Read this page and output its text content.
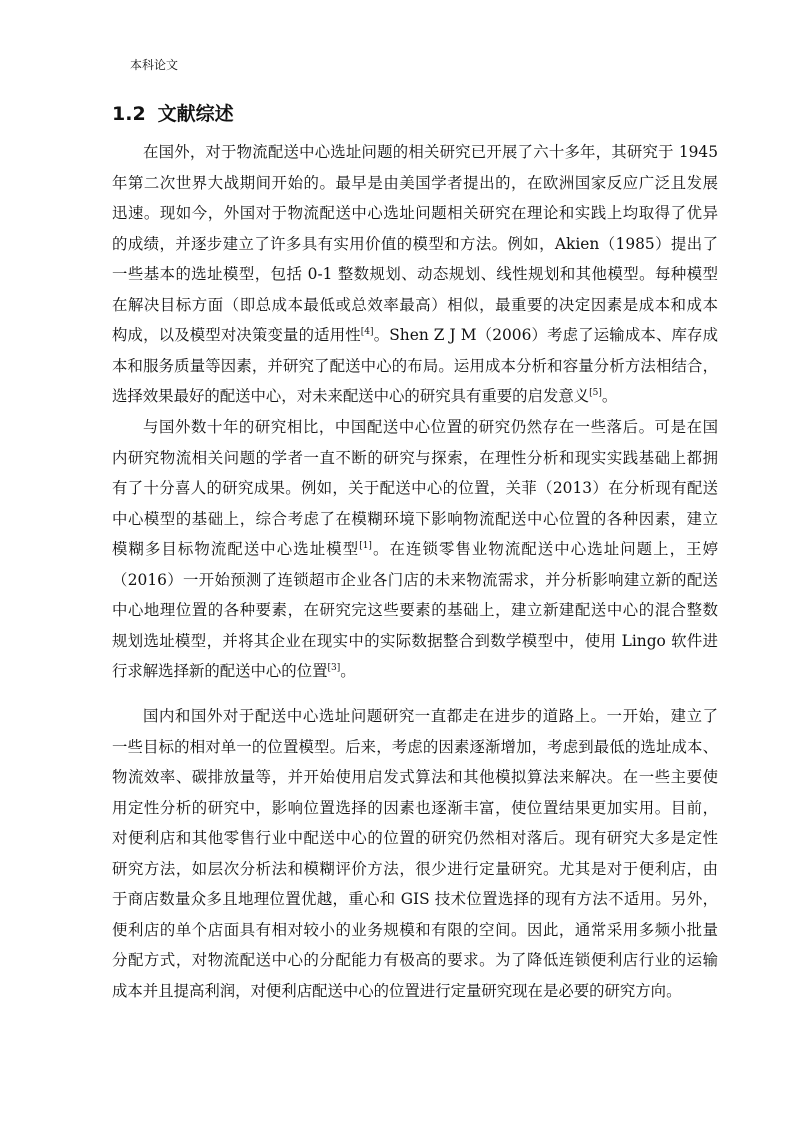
本科论文
1.2 文献综述
在国外，对于物流配送中心选址问题的相关研究已开展了六十多年，其研究于 1945
年第二次世界大战期间开始的。最早是由美国学者提出的，在欧洲国家反应广泛且发展
迅速。现如今，外国对于物流配送中心选址问题相关研究在理论和实践上均取得了优异
的成绩，并逐步建立了许多具有实用价值的模型和方法。例如，Akien（1985）提出了
一些基本的选址模型，包括 0-1 整数规划、动态规划、线性规划和其他模型。每种模型
在解决目标方面（即总成本最低或总效率最高）相似，最重要的决定因素是成本和成本
构成，以及模型对决策变量的适用性[4]。Shen Z J M（2006）考虑了运输成本、库存成
本和服务质量等因素，并研究了配送中心的布局。运用成本分析和容量分析方法相结合，
选择效果最好的配送中心，对未来配送中心的研究具有重要的启发意义[5]。
与国外数十年的研究相比，中国配送中心位置的研究仍然存在一些落后。可是在国
内研究物流相关问题的学者一直不断的研究与探索，在理性分析和现实实践基础上都拥
有了十分喜人的研究成果。例如，关于配送中心的位置，关菲（2013）在分析现有配送
中心模型的基础上，综合考虑了在模糊环境下影响物流配送中心位置的各种因素，建立
模糊多目标物流配送中心选址模型[1]。在连锁零售业物流配送中心选址问题上，王婷
（2016）一开始预测了连锁超市企业各门店的未来物流需求，并分析影响建立新的配送
中心地理位置的各种要素，在研究完这些要素的基础上，建立新建配送中心的混合整数
规划选址模型，并将其企业在现实中的实际数据整合到数学模型中，使用 Lingo 软件进
行求解选择新的配送中心的位置[3]。
国内和国外对于配送中心选址问题研究一直都走在进步的道路上。一开始，建立了
一些目标的相对单一的位置模型。后来，考虑的因素逐渐增加，考虑到最低的选址成本、
物流效率、碳排放量等，并开始使用启发式算法和其他模拟算法来解决。在一些主要使
用定性分析的研究中，影响位置选择的因素也逐渐丰富，使位置结果更加实用。目前，
对便利店和其他零售行业中配送中心的位置的研究仍然相对落后。现有研究大多是定性
研究方法，如层次分析法和模糊评价方法，很少进行定量研究。尤其是对于便利店，由
于商店数量众多且地理位置优越，重心和 GIS 技术位置选择的现有方法不适用。另外，
便利店的单个店面具有相对较小的业务规模和有限的空间。因此，通常采用多频小批量
分配方式，对物流配送中心的分配能力有极高的要求。为了降低连锁便利店行业的运输
成本并且提高利润，对便利店配送中心的位置进行定量研究现在是必要的研究方向。
